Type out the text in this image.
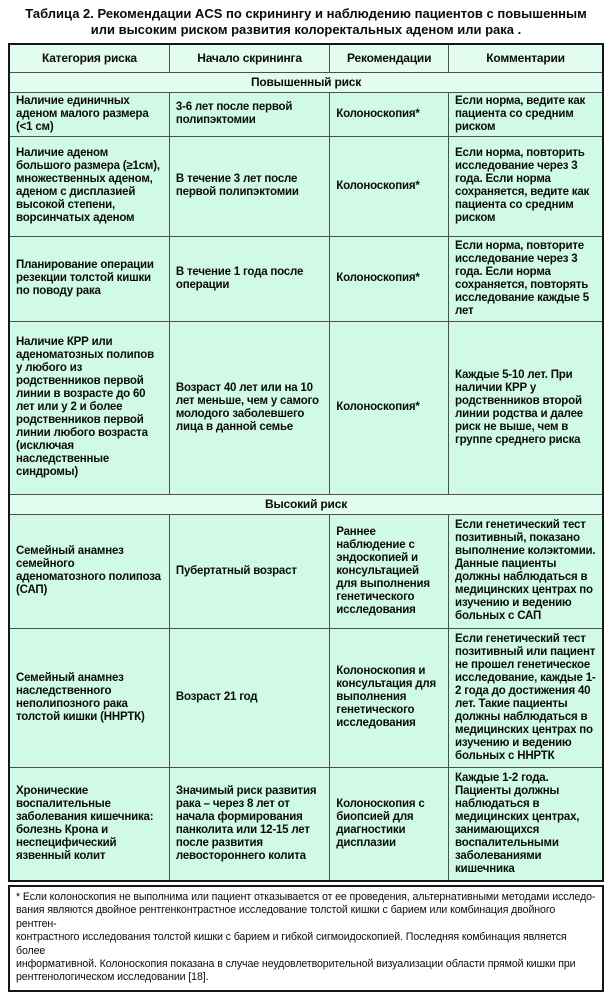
Таблица 2. Рекомендации ACS по скринингу и наблюдению пациентов с повышенным
или высоким риском развития колоректальных аденом или рака .
Категория риска	Начало скрининга	Рекомендации	Комментарии
Повышенный риск			
Наличие единичных аденом малого размера (<1 см)	3-6 лет после первой полипэктомии	Колоноскопия*	Если норма, ведите как пациента со средним риском
Наличие аденом большого размера (≥1см), множественных аденом, аденом с дисплазией высокой степени, ворсинчатых аденом	В течение 3 лет после первой полипэктомии	Колоноскопия*	Если норма, повторить исследование через 3 года. Если норма сохраняется, ведите как пациента со средним риском
Планирование операции резекции толстой кишки по поводу рака	В течение 1 года после операции	Колоноскопия*	Если норма, повторите исследование через 3 года. Если норма сохраняется, повторять исследование каждые 5 лет
Наличие КРР или аденоматозных полипов у любого из родственников первой линии в возрасте до 60 лет или у 2 и более родственников первой линии любого возраста (исключая наследственные синдромы)	Возраст 40 лет или на 10 лет меньше, чем у самого молодого заболевшего лица в данной семье	Колоноскопия*	Каждые 5-10 лет. При наличии КРР у родственников второй линии родства и далее риск не выше, чем в группе среднего риска
Высокий риск			
Семейный анамнез семейного аденоматозного полипоза (САП)	Пубертатный возраст	Раннее наблюдение с эндоскопией и консультацией для выполнения генетического исследования	Если генетический тест позитивный, показано выполнение колэктомии. Данные пациенты должны наблюдаться в медицинских центрах по изучению и ведению больных с САП
Семейный анамнез наследственного неполипозного рака толстой кишки (ННРТК)	Возраст 21 год	Колоноскопия и консультация для выполнения генетического исследования	Если генетический тест позитивный или пациент не прошел генетическое исследование, каждые 1-2 года до достижения 40 лет. Такие пациенты должны наблюдаться в медицинских центрах по изучению и ведению больных с ННРТК
Хронические воспалительные заболевания кишечника: болезнь Крона и неспецифический язвенный колит	Значимый риск развития рака – через 8 лет от начала формирования панколита или 12-15 лет после развития левостороннего колита	Колоноскопия с биопсией для диагностики дисплазии	Каждые 1-2 года. Пациенты должны наблюдаться в медицинских центрах, занимающихся воспалительными заболеваниями кишечника
* Если колоноскопия не выполнима или пациент отказывается от ее проведения, альтернативными методами исследо-
вания являются двойное рентгенконтрастное исследование толстой кишки с барием или комбинация двойного рентген-
контрастного исследования толстой кишки с барием и гибкой сигмоидоскопией. Последняя комбинация является более
информативной. Колоноскопия показана в случае неудовлетворительной визуализации области прямой кишки при
рентгенологическом исследовании [18].
